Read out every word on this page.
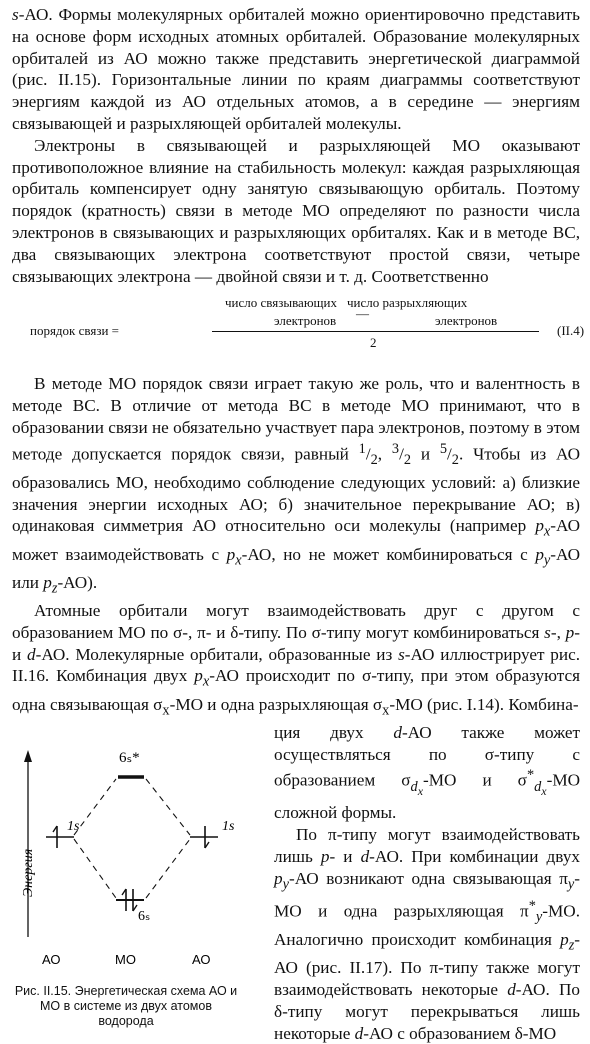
s-АО. Формы молекулярных орбиталей можно ориентировочно представить на основе форм исходных атомных орбиталей. Образование молекулярных орбиталей из АО можно также представить энергетической диаграммой (рис. II.15). Горизонтальные линии по краям диаграммы соответствуют энергиям каждой из АО отдельных атомов, а в середине — энергиям связывающей и разрыхляющей орбиталей молекулы.

Электроны в связывающей и разрыхляющей МО оказывают противоположное влияние на стабильность молекул: каждая разрыхляющая орбиталь компенсирует одну занятую связывающую орбиталь. Поэтому порядок (кратность) связи в методе МО определяют по разности числа электронов в связывающих и разрыхляющих орбиталях. Как и в методе ВС, два связывающих электрона соответствуют простой связи, четыре связывающих электрона — двойной связи и т. д. Соответственно

порядок связи =
число связывающих число разрыхляющих
—
электронов	электронов
2
(II.4)

В методе МО порядок связи играет такую же роль, что и валентность в методе ВС. В отличие от метода ВС в методе МО принимают, что в образовании связи не обязательно участвует пара электронов, поэтому в этом методе допускается порядок связи, равный $^1/_2$, $^3/_2$ и $^5/_2$. Чтобы из АО образовались МО, необходимо соблюдение следующих условий: а) близкие значения энергии исходных АО; б) значительное перекрывание АО; в) одинаковая симметрия АО относительно оси молекулы (например $p_x-АО$ может взаимодействовать с $p_x-АО$, но не может комбинироваться с $p_y-АО$ или $p_z-АО$).

Атомные орбитали могут взаимодействовать друг с другом с образованием МО по σ-, π- и δ-типу. По σ-типу могут комбинироваться s-, p-и d-АО. Молекулярные орбитали, образованные из s-АО иллюстрирует рис. II.16. Комбинация двух $p_x-АО$ происходит по σ-типу, при этом образуются одна связывающая $\sigma_x-МО$ и одна разрыхляющая $\sigma_x-МО$ (рис. I.14). Комбина-

Энергия
1s	1s
6ₛ*
6ₛ
АО	МО	АО
Рис. II.15. Энергетическая схема АО и МО в системе из двух атомов водорода

ция двух d-АО также может осуществляться по σ-типу с образованием $\sigma_{d_x}-МО$ и $\sigma^*_{d_x}-МО$ сложной формы.

По π-типу могут взаимодействовать лишь p- и d-АО. При комбинации двух $p_y-АО$ возникают одна связывающая $\pi_y-МО$ и одна разрыхляющая $\pi^*_y-МО$. Аналогично происходит комбинация $p_z-АО$ (рис. II.17). По π-типу также могут взаимодействовать некоторые d-АО. По δ-типу могут перекрываться лишь некоторые d-АО с образованием δ-МО
